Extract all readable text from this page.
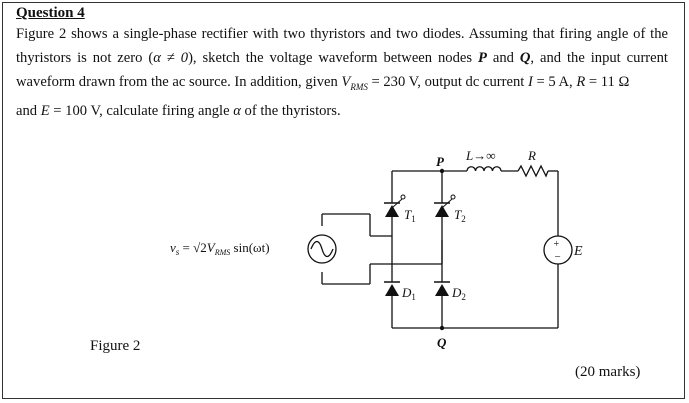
Question 4
Figure 2 shows a single-phase rectifier with two thyristors and two diodes. Assuming that firing angle of the thyristors is not zero (α ≠ 0), sketch the voltage waveform between nodes P and Q, and the input current waveform drawn from the ac source. In addition, given $V_{RMS} = 230$ V, output dc current I = 5 A, R = 11 Ω
and E = 100 V, calculate firing angle α of the thyristors.
Figure 2
(20 marks)
+
−
P
Q
L→∞	R
E
$T_1$	$T_2$
$D_1$	$D_2$
$v_s = √2V_{RMS}$ sin(ωt)
